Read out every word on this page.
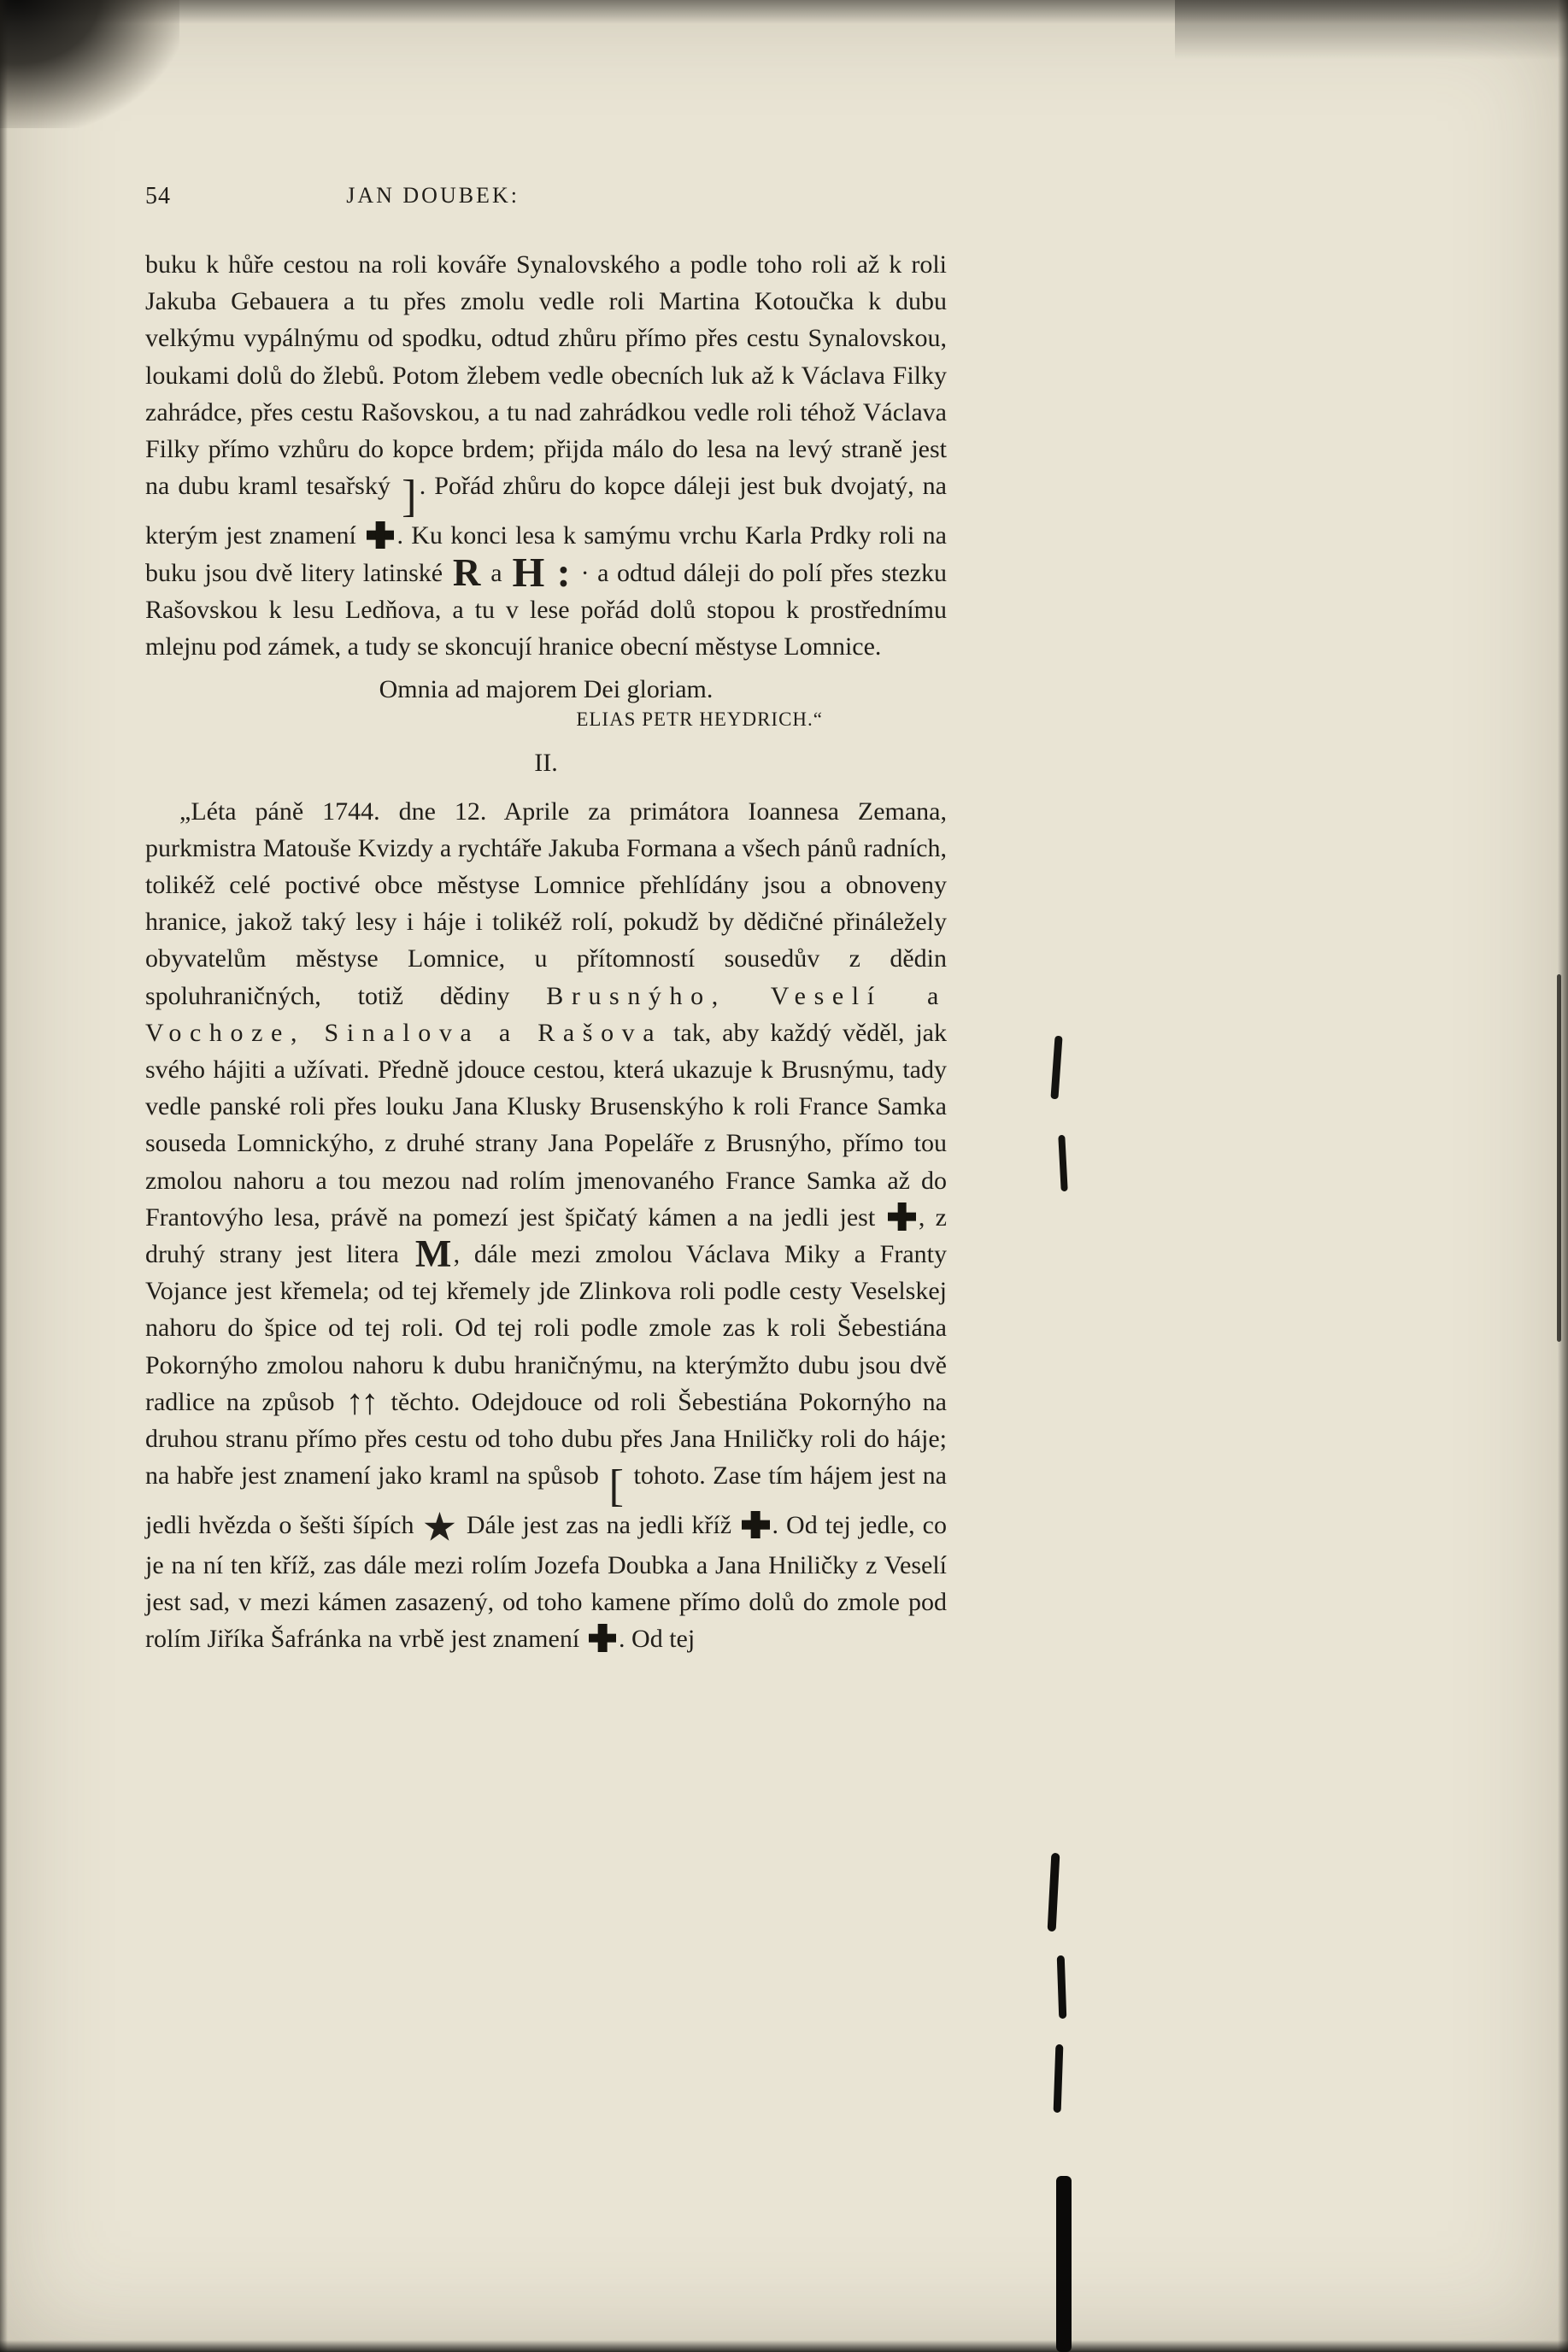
54	JAN DOUBEK:

buku k hůře cestou na roli kováře Synalovského a podle toho roli až k roli Jakuba Gebauera a tu přes zmolu vedle roli Martina Kotoučka k dubu velkýmu vypálnýmu od spodku, odtud zhůru přímo přes cestu Synalovskou, loukami dolů do žlebů. Potom žlebem vedle obecních luk až k Václava Filky zahrádce, přes cestu Rašovskou, a tu nad zahrádkou vedle roli téhož Václava Filky přímo vzhůru do kopce brdem; přijda málo do lesa na levý straně jest na dubu kraml tesařský ] . Pořád zhůru do kopce dáleji jest buk dvojatý, na kterým jest znamení . Ku konci lesa k samýmu vrchu Karla Prdky roli na buku jsou dvě litery latinské R a H : · a odtud dáleji do polí přes stezku Rašovskou k lesu Ledňova, a tu v lese pořád dolů stopou k prostřednímu mlejnu pod zámek, a tudy se skoncují hranice obecní městyse Lomnice.

Omnia ad majorem Dei gloriam.

ELIAS PETR HEYDRICH.“

II.

„Léta páně 1744. dne 12. Aprile za primátora Ioannesa Zemana, purkmistra Matouše Kvizdy a rychtáře Jakuba Formana a všech pánů radních, tolikéž celé poctivé obce městyse Lomnice přehlídány jsou a obnoveny hranice, jakož taký lesy i háje i tolikéž rolí, pokudž by dědičné přináležely obyvatelům městyse Lomnice, u přítomností sousedův z dědin spoluhraničných, totiž dědiny Brusnýho, Veselí a Vochoze, Sinalova a Rašova tak, aby každý věděl, jak svého hájiti a užívati. Předně jdouce cestou, která ukazuje k Brusnýmu, tady vedle panské roli přes louku Jana Klusky Brusenskýho k roli France Samka souseda Lomnickýho, z druhé strany Jana Popeláře z Brusnýho, přímo tou zmolou nahoru a tou mezou nad rolím jmenovaného France Samka až do Frantovýho lesa, právě na pomezí jest špičatý kámen a na jedli jest , z druhý strany jest litera M, dále mezi zmolou Václava Miky a Franty Vojance jest křemela; od tej křemely jde Zlinkova roli podle cesty Veselskej nahoru do špice od tej roli. Od tej roli podle zmole zas k roli Šebestiána Pokornýho zmolou nahoru k dubu hraničnýmu, na kterýmžto dubu jsou dvě radlice na způsob ↑↑ těchto. Odejdouce od roli Šebestiána Pokornýho na druhou stranu přímo přes cestu od toho dubu přes Jana Hniličky roli do háje; na habře jest znamení jako kraml na spůsob [ tohoto. Zase tím hájem jest na jedli hvězda o šešti šípích ★ Dále jest zas na jedli kříž . Od tej jedle, co je na ní ten kříž, zas dále mezi rolím Jozefa Doubka a Jana Hniličky z Veselí jest sad, v mezi kámen zasazený, od toho kamene přímo dolů do zmole pod rolím Jiříka Šafránka na vrbě jest znamení . Od tej
